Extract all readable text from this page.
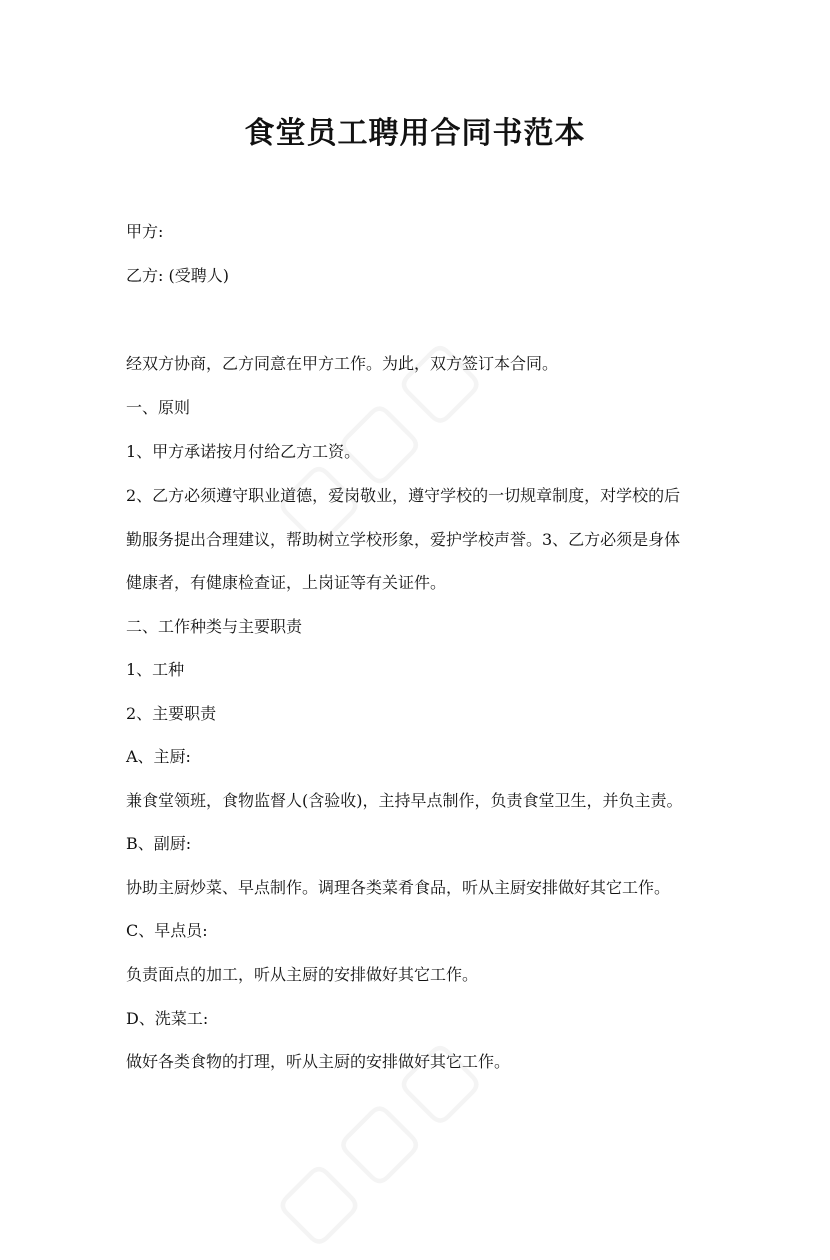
食堂员工聘用合同书范本
甲方:
乙方: (受聘人)
经双方协商，乙方同意在甲方工作。为此，双方签订本合同。
一、原则
1、甲方承诺按月付给乙方工资。
2、乙方必须遵守职业道德，爱岗敬业，遵守学校的一切规章制度，对学校的后
勤服务提出合理建议，帮助树立学校形象，爱护学校声誉。3、乙方必须是身体
健康者，有健康检查证，上岗证等有关证件。
二、工作种类与主要职责
1、工种
2、主要职责
A、主厨:
兼食堂领班，食物监督人(含验收)，主持早点制作，负责食堂卫生，并负主责。
B、副厨:
协助主厨炒菜、早点制作。调理各类菜肴食品，听从主厨安排做好其它工作。
C、早点员:
负责面点的加工，听从主厨的安排做好其它工作。
D、洗菜工:
做好各类食物的打理，听从主厨的安排做好其它工作。
